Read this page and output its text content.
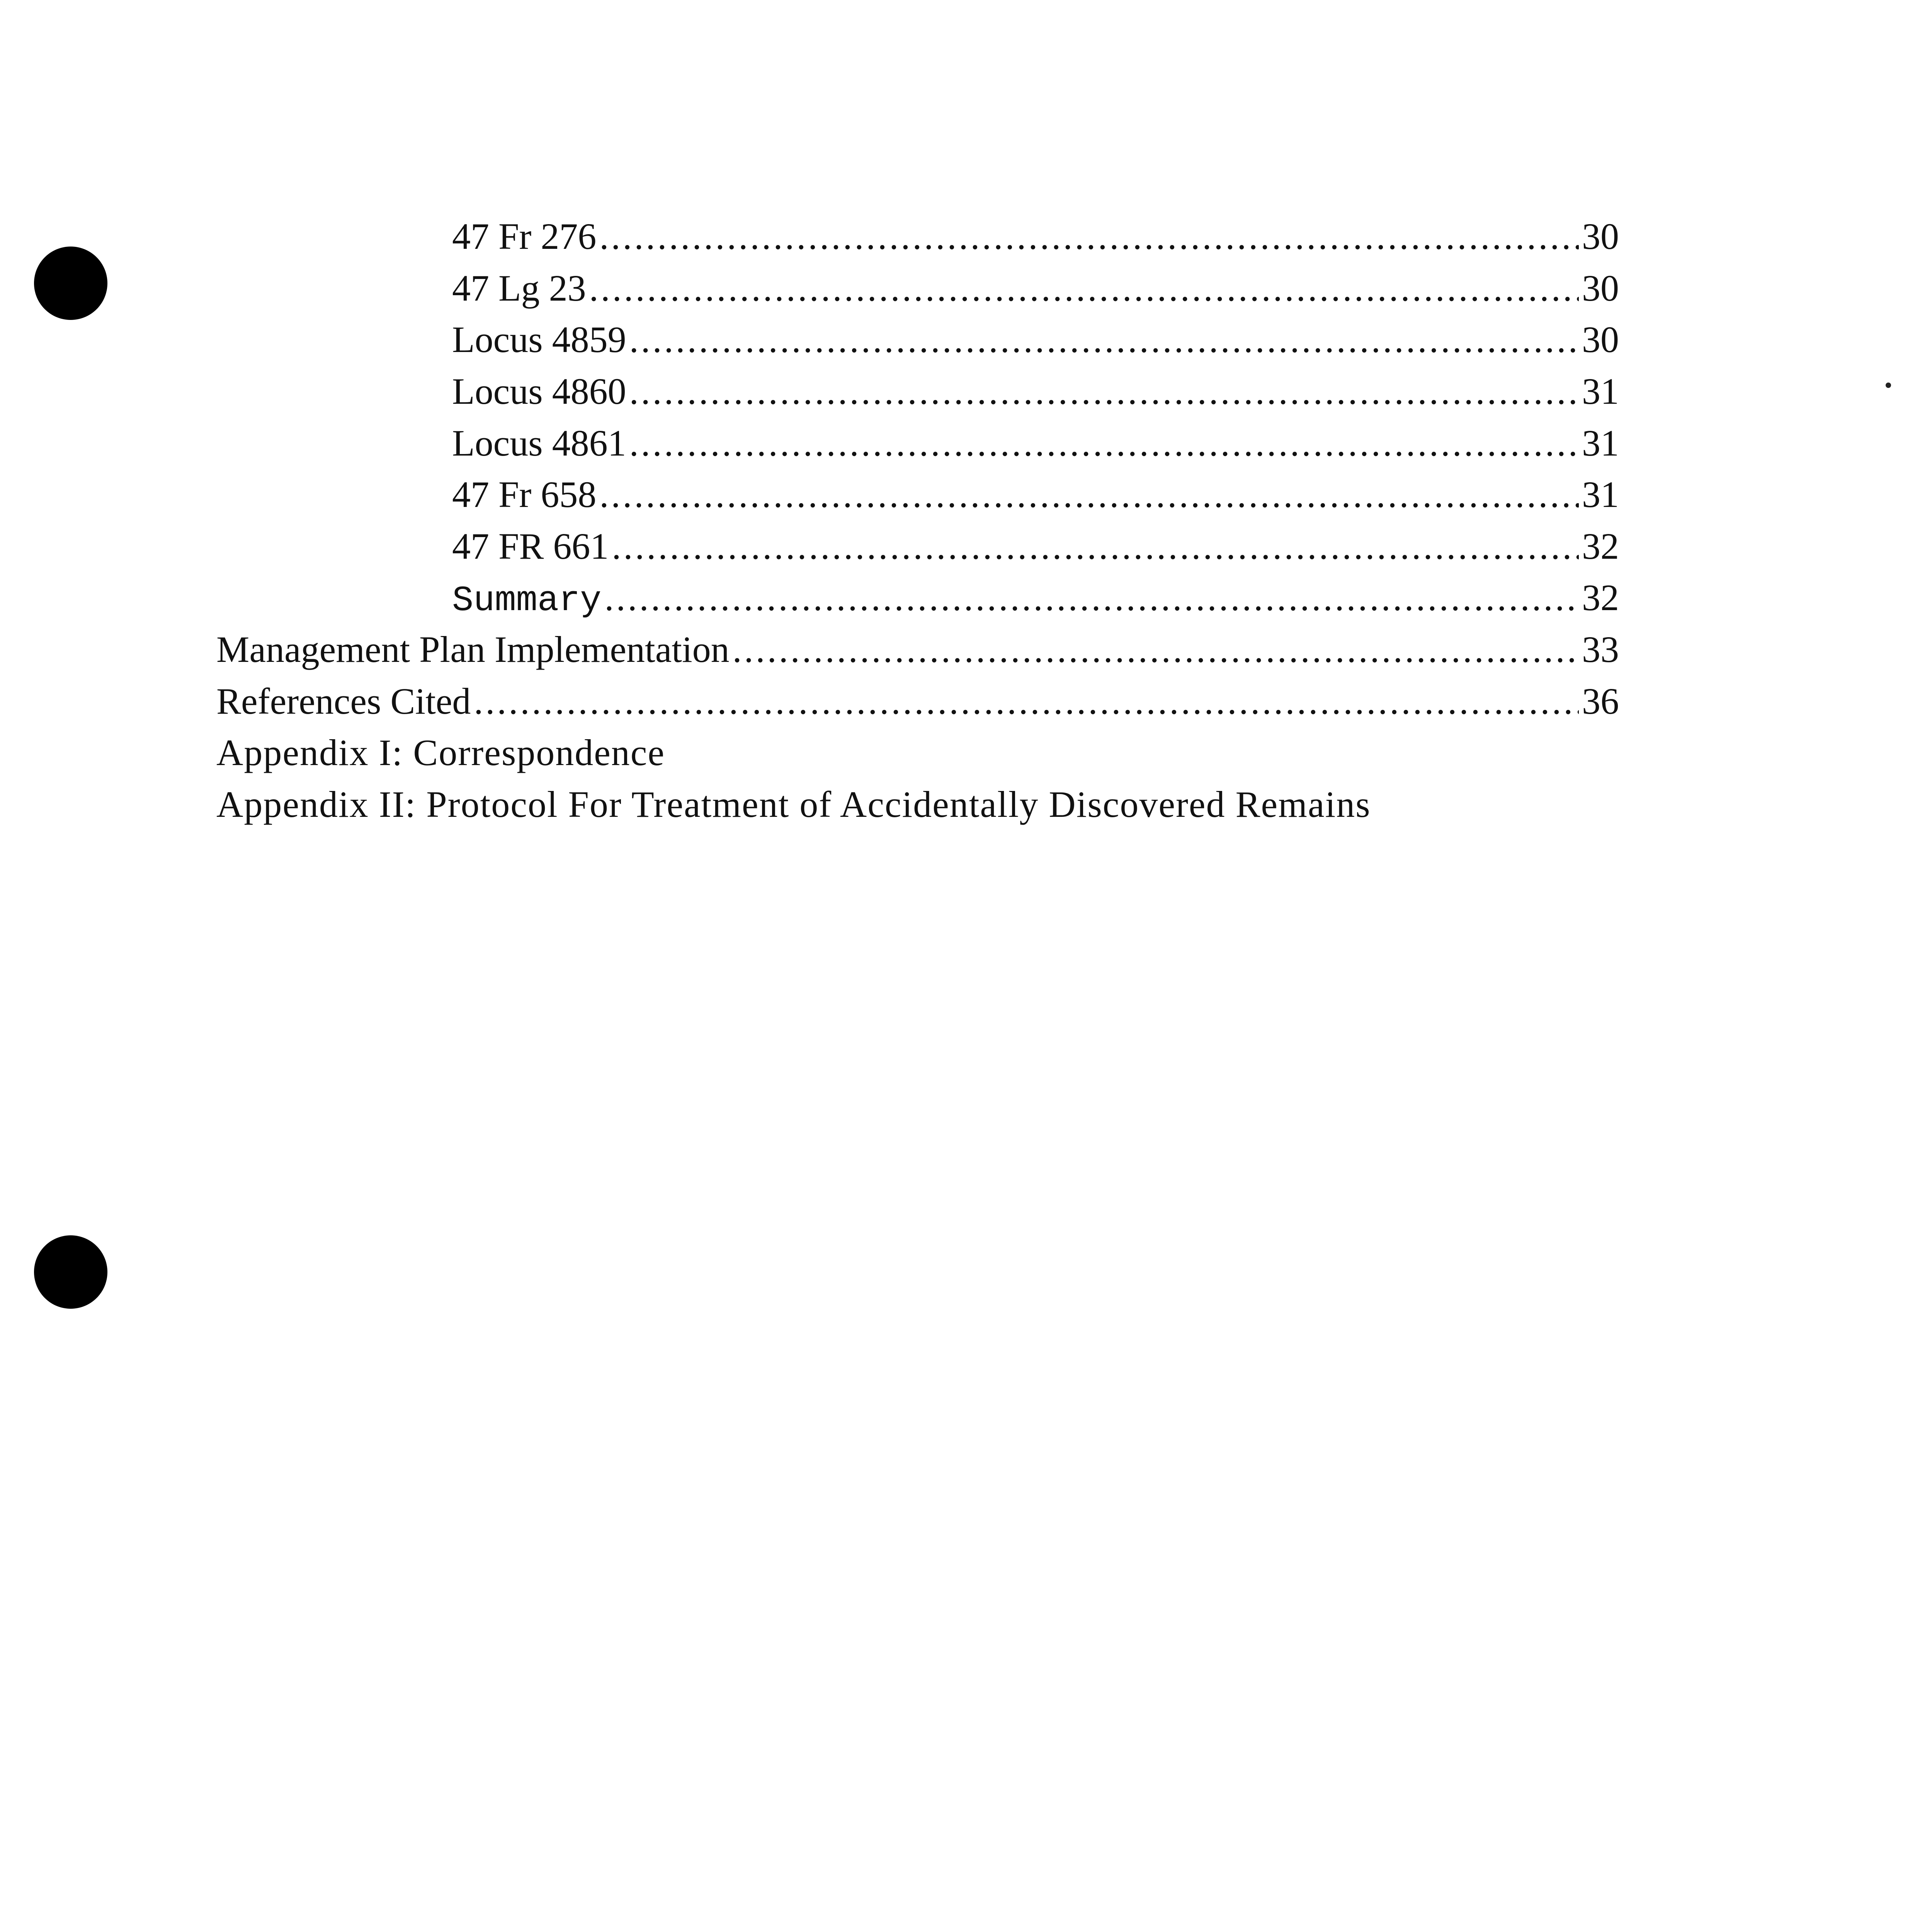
47 Fr 276 .....	30
47 Lg 23 .....	30
Locus 4859 .....	30
Locus 4860 .....	31
Locus 4861 .....	31
47 Fr 658 .....	31
47 FR 661 .....	32
Summary .....	32
Management Plan Implementation .....	33
References Cited .....	36
Appendix I: Correspondence
Appendix II: Protocol For Treatment of Accidentally Discovered Remains
